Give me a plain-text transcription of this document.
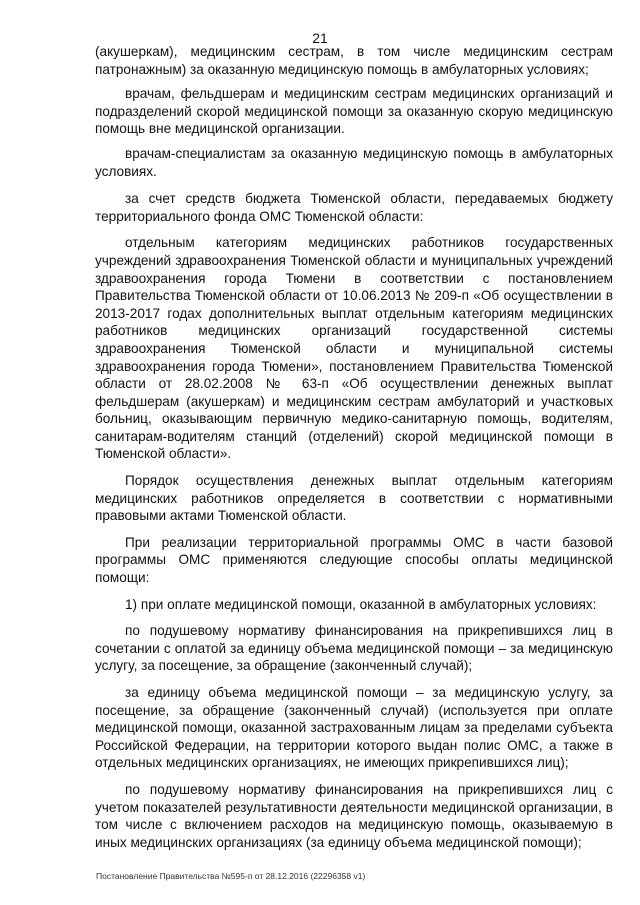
21

(акушеркам), медицинским сестрам, в том числе медицинским сестрам патронажным) за оказанную медицинскую помощь в амбулаторных условиях;

врачам, фельдшерам и медицинским сестрам медицинских организаций и подразделений скорой медицинской помощи за оказанную скорую медицинскую помощь вне медицинской организации.

врачам-специалистам за оказанную медицинскую помощь в амбулаторных условиях.

за счет средств бюджета Тюменской области, передаваемых бюджету территориального фонда ОМС Тюменской области:

отдельным категориям медицинских работников государственных учреждений здравоохранения Тюменской области и муниципальных учреждений здравоохранения города Тюмени в соответствии с постановлением Правительства Тюменской области от 10.06.2013 № 209-п «Об осуществлении в 2013-2017 годах дополнительных выплат отдельным категориям медицинских работников медицинских организаций государственной системы здравоохранения Тюменской области и муниципальной системы здравоохранения города Тюмени», постановлением Правительства Тюменской области от 28.02.2008 № 63-п «Об осуществлении денежных выплат фельдшерам (акушеркам) и медицинским сестрам амбулаторий и участковых больниц, оказывающим первичную медико-санитарную помощь, водителям, санитарам-водителям станций (отделений) скорой медицинской помощи в Тюменской области».

Порядок осуществления денежных выплат отдельным категориям медицинских работников определяется в соответствии с нормативными правовыми актами Тюменской области.

При реализации территориальной программы ОМС в части базовой программы ОМС применяются следующие способы оплаты медицинской помощи:

1) при оплате медицинской помощи, оказанной в амбулаторных условиях:

по подушевому нормативу финансирования на прикрепившихся лиц в сочетании с оплатой за единицу объема медицинской помощи – за медицинскую услугу, за посещение, за обращение (законченный случай);

за единицу объема медицинской помощи – за медицинскую услугу, за посещение, за обращение (законченный случай) (используется при оплате медицинской помощи, оказанной застрахованным лицам за пределами субъекта Российской Федерации, на территории которого выдан полис ОМС, а также в отдельных медицинских организациях, не имеющих прикрепившихся лиц);

по подушевому нормативу финансирования на прикрепившихся лиц с учетом показателей результативности деятельности медицинской организации, в том числе с включением расходов на медицинскую помощь, оказываемую в иных медицинских организациях (за единицу объема медицинской помощи);

Постановление Правительства №595-п от 28.12.2016 (22296358 v1)
